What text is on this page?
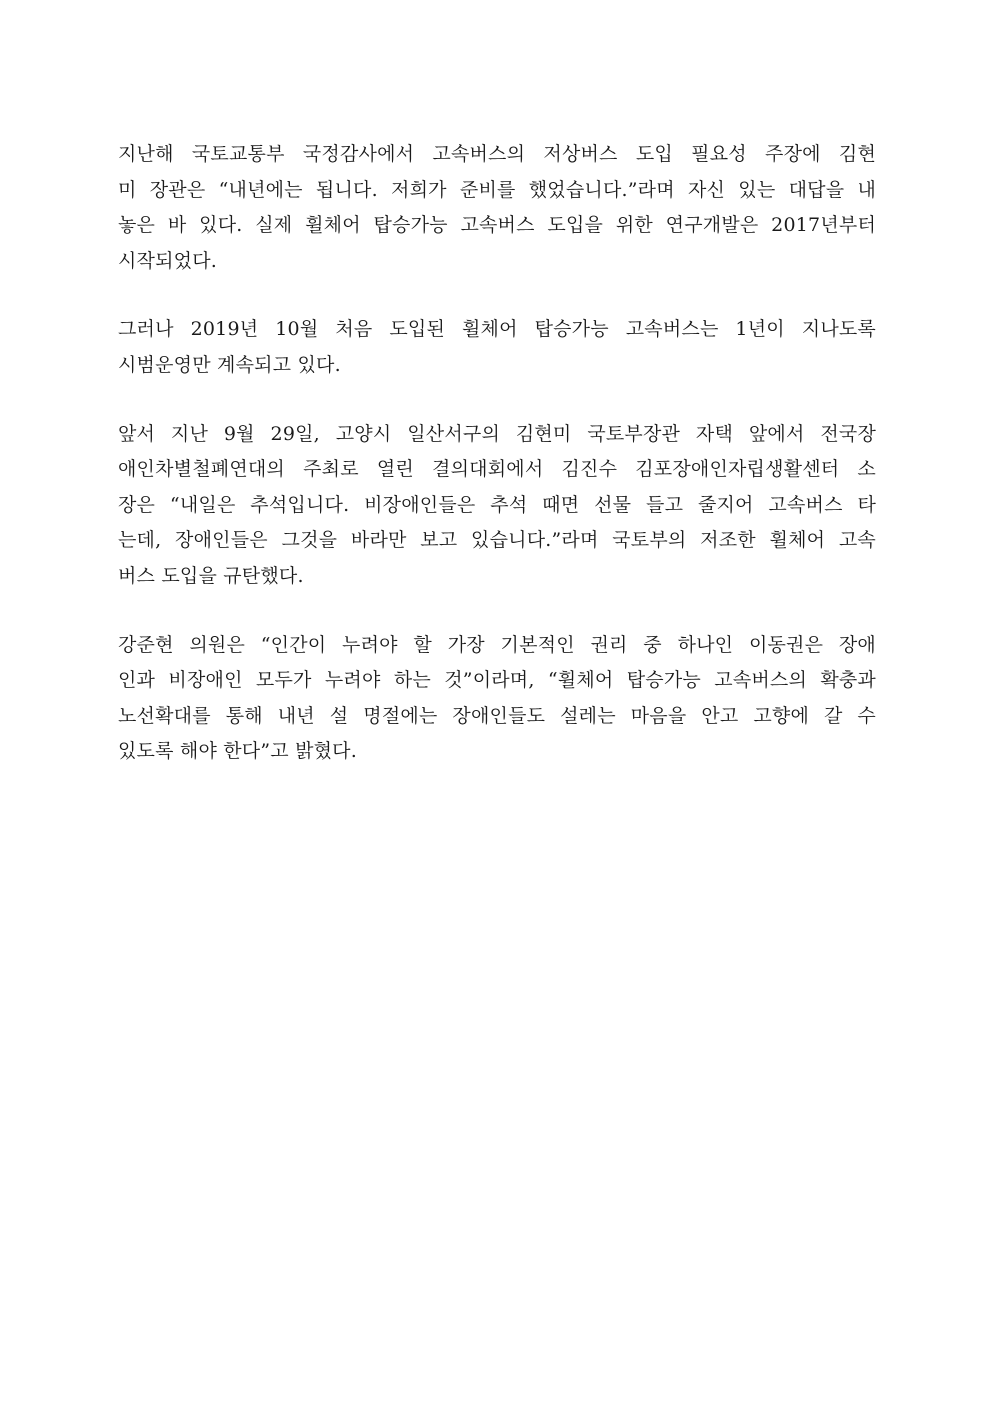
지난해 국토교통부 국정감사에서 고속버스의 저상버스 도입 필요성 주장에 김현
미 장관은 “내년에는 됩니다. 저희가 준비를 했었습니다.”라며 자신 있는 대답을 내
놓은 바 있다. 실제 휠체어 탑승가능 고속버스 도입을 위한 연구개발은 2017년부터
시작되었다.
그러나 2019년 10월 처음 도입된 휠체어 탑승가능 고속버스는 1년이 지나도록
시범운영만 계속되고 있다.
앞서 지난 9월 29일, 고양시 일산서구의 김현미 국토부장관 자택 앞에서 전국장
애인차별철폐연대의 주최로 열린 결의대회에서 김진수 김포장애인자립생활센터 소
장은 “내일은 추석입니다. 비장애인들은 추석 때면 선물 들고 줄지어 고속버스 타
는데, 장애인들은 그것을 바라만 보고 있습니다.”라며 국토부의 저조한 휠체어 고속
버스 도입을 규탄했다.
강준현 의원은 “인간이 누려야 할 가장 기본적인 권리 중 하나인 이동권은 장애
인과 비장애인 모두가 누려야 하는 것”이라며, “휠체어 탑승가능 고속버스의 확충과
노선확대를 통해 내년 설 명절에는 장애인들도 설레는 마음을 안고 고향에 갈 수
있도록 해야 한다”고 밝혔다.
